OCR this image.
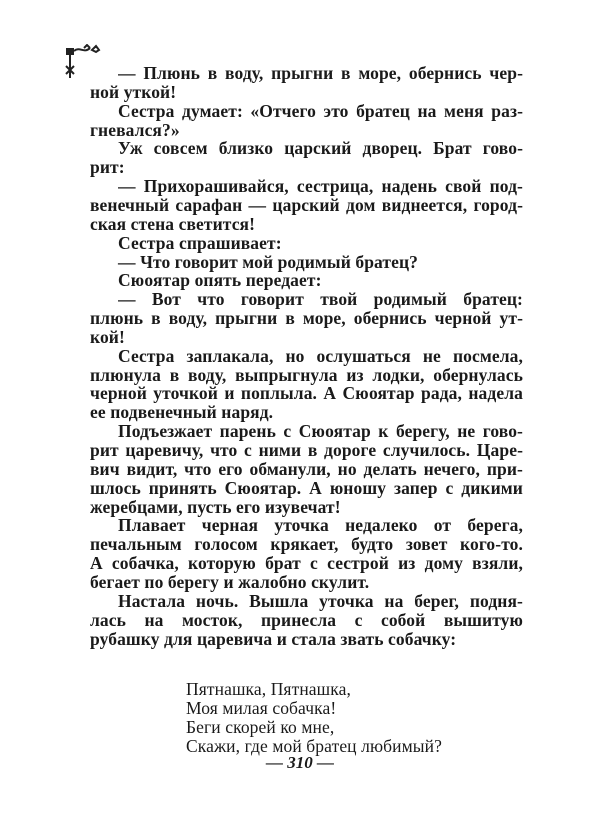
— Плюнь в воду, прыгни в море, обернись чер-
ной уткой!
Сестра думает: «Отчего это братец на меня раз-
гневался?»
Уж совсем близко царский дворец. Брат гово-
рит:
— Прихорашивайся, сестрица, надень свой под-
венечный сарафан — царский дом виднеется, город-
ская стена светится!
Сестра спрашивает:
— Что говорит мой родимый братец?
Сюоятар опять передает:
— Вот что говорит твой родимый братец:
плюнь в воду, прыгни в море, обернись черной ут-
кой!
Сестра заплакала, но ослушаться не посмела,
плюнула в воду, выпрыгнула из лодки, обернулась
черной уточкой и поплыла. А Сюоятар рада, надела
ее подвенечный наряд.
Подъезжает парень с Сюоятар к берегу, не гово-
рит царевичу, что с ними в дороге случилось. Царе-
вич видит, что его обманули, но делать нечего, при-
шлось принять Сюоятар. А юношу запер с дикими
жеребцами, пусть его изувечат!
Плавает черная уточка недалеко от берега,
печальным голосом крякает, будто зовет кого-то.
А собачка, которую брат с сестрой из дому взяли,
бегает по берегу и жалобно скулит.
Настала ночь. Вышла уточка на берег, подня-
лась на мосток, принесла с собой вышитую
рубашку для царевича и стала звать собачку:
Пятнашка, Пятнашка,
Моя милая собачка!
Беги скорей ко мне,
Скажи, где мой братец любимый?
— 310 —
